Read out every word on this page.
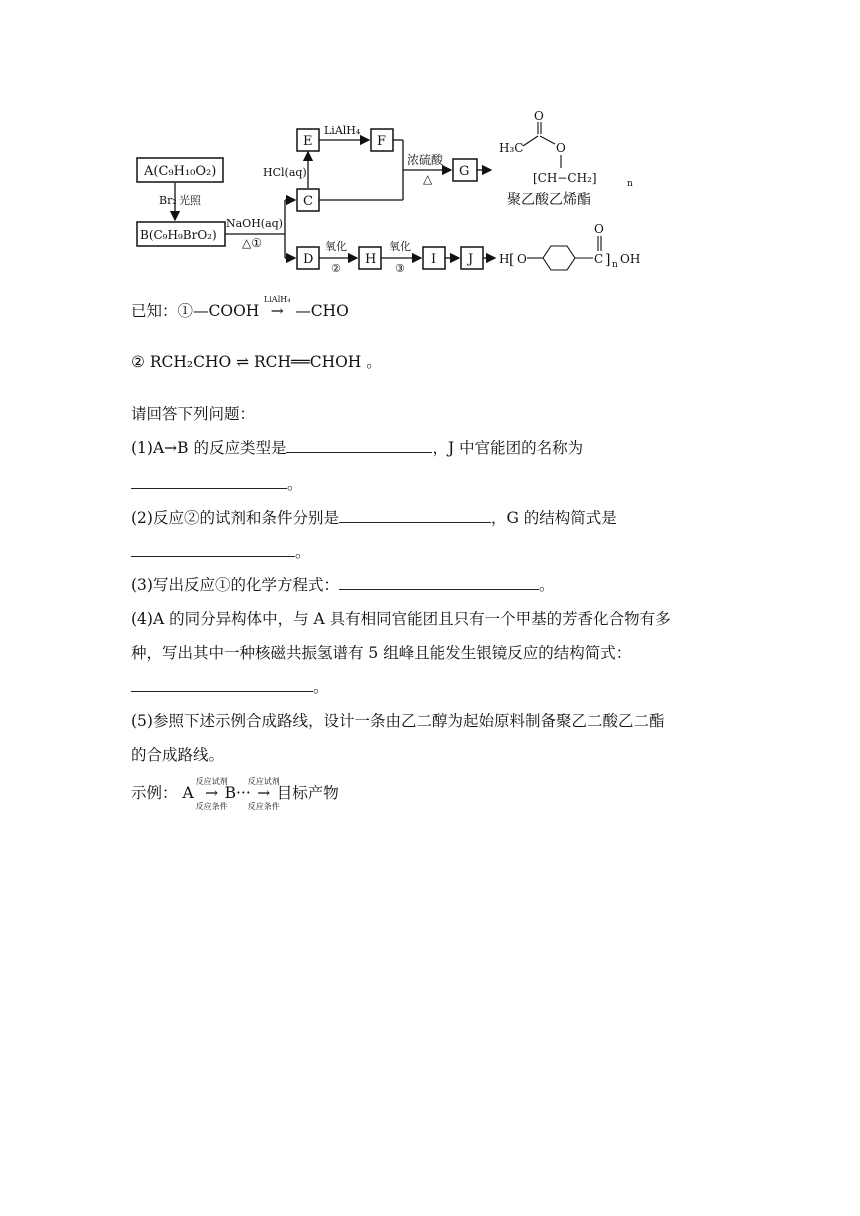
A(C₉H₁₀O₂)
Br₂ 光照
B(C₉H₉BrO₂)
NaOH(aq)
△①
C
HCl(aq)
E
LiAlH₄
F
浓硫酸
△ G
O
H₃C	O
[CH−CH₂]	n
聚乙酸乙烯酯
D
氧化
②
H
氧化
③
I J H [ O	C
O
] n OH
已知：①—COOH
LiAlH₄
→ —CHO
② RCH₂CHO ⇌ RCH══CHOH 。
请回答下列问题：
(1)A→B 的反应类型是	，J 中官能团的名称为
。
(2)反应②的试剂和条件分别是	，G 的结构简式是
。
(3)写出反应①的化学方程式：	。
(4)A 的同分异构体中，与 A 具有相同官能团且只有一个甲基的芳香化合物有多
种，写出其中一种核磁共振氢谱有 5 组峰且能发生银镜反应的结构简式：
。
(5)参照下述示例合成路线，设计一条由乙二醇为起始原料制备聚乙二酸乙二酯
的合成路线。
示例： A
反应试剂
→
反应条件
B···
反应试剂
→
反应条件
目标产物
